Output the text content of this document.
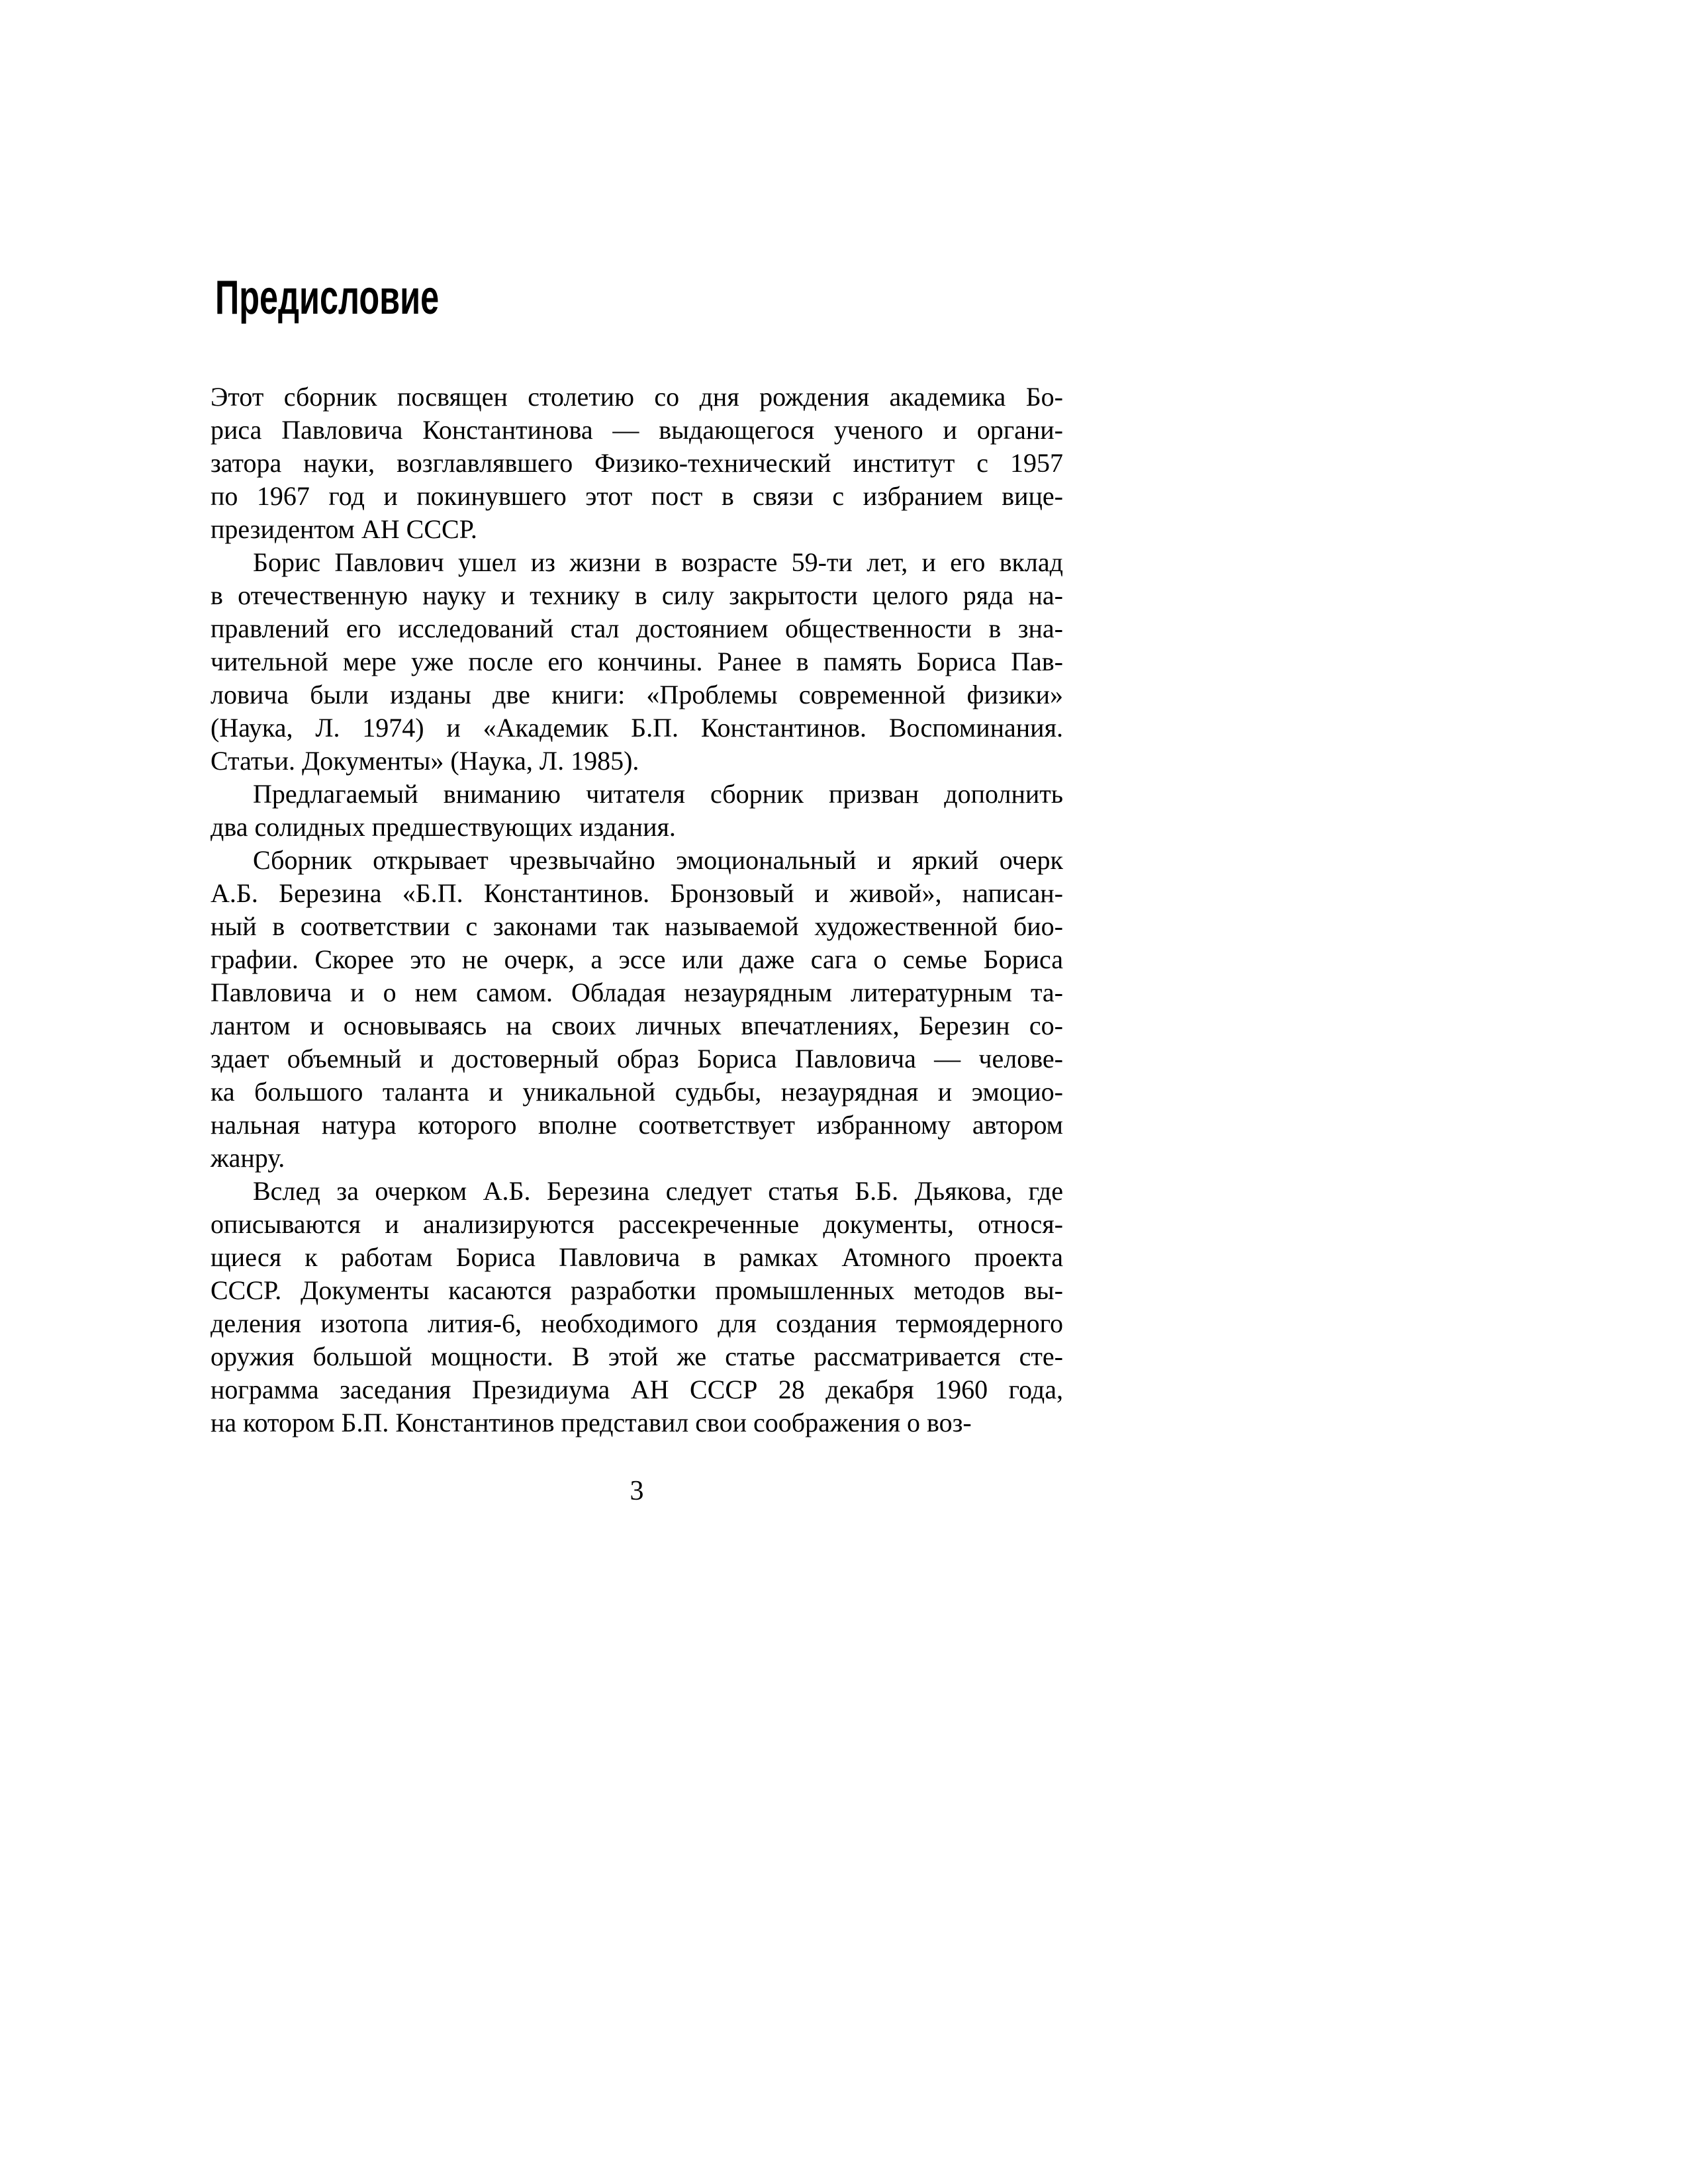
Предисловие
Этот сборник посвящен столетию со дня рождения академика Бо-
риса Павловича Константинова — выдающегося ученого и органи-
затора науки, возглавлявшего Физико-технический институт с 1957
по 1967 год и покинувшего этот пост в связи с избранием вице-
президентом АН СССР.
Борис Павлович ушел из жизни в возрасте 59-ти лет, и его вклад
в отечественную науку и технику в силу закрытости целого ряда на-
правлений его исследований стал достоянием общественности в зна-
чительной мере уже после его кончины. Ранее в память Бориса Пав-
ловича были изданы две книги: «Проблемы современной физики»
(Наука, Л. 1974) и «Академик Б.П. Константинов. Воспоминания.
Статьи. Документы» (Наука, Л. 1985).
Предлагаемый вниманию читателя сборник призван дополнить
два солидных предшествующих издания.
Сборник открывает чрезвычайно эмоциональный и яркий очерк
А.Б. Березина «Б.П. Константинов. Бронзовый и живой», написан-
ный в соответствии с законами так называемой художественной био-
графии. Скорее это не очерк, а эссе или даже сага о семье Бориса
Павловича и о нем самом. Обладая незаурядным литературным та-
лантом и основываясь на своих личных впечатлениях, Березин со-
здает объемный и достоверный образ Бориса Павловича — челове-
ка большого таланта и уникальной судьбы, незаурядная и эмоцио-
нальная натура которого вполне соответствует избранному автором
жанру.
Вслед за очерком А.Б. Березина следует статья Б.Б. Дьякова, где
описываются и анализируются рассекреченные документы, относя-
щиеся к работам Бориса Павловича в рамках Атомного проекта
СССР. Документы касаются разработки промышленных методов вы-
деления изотопа лития-6, необходимого для создания термоядерного
оружия большой мощности. В этой же статье рассматривается сте-
нограмма заседания Президиума АН СССР 28 декабря 1960 года,
на котором Б.П. Константинов представил свои соображения о воз-
3
